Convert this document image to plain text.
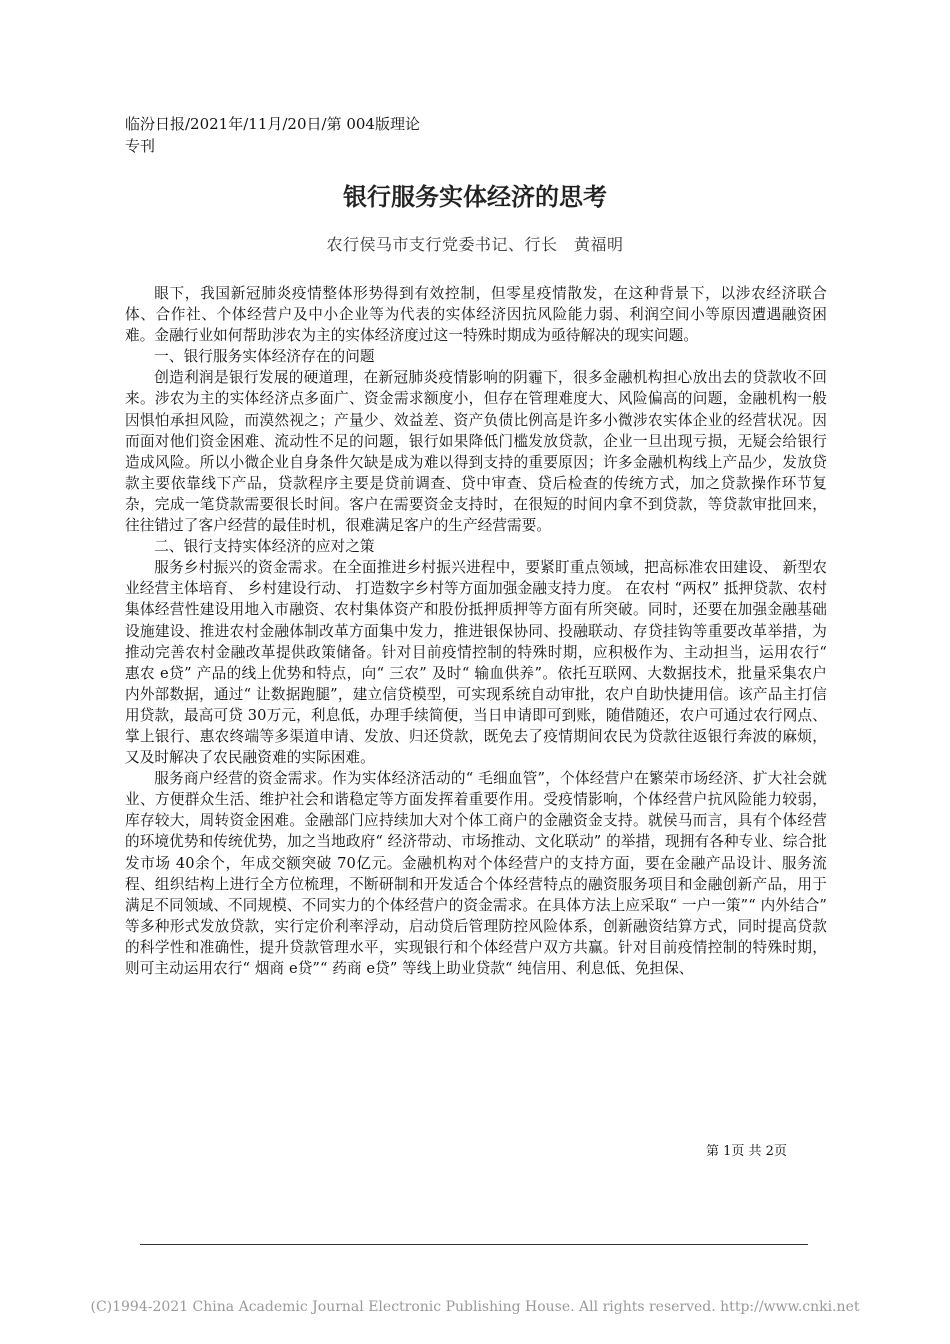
临汾日报/2021年/11月/20日/第 004版理论专刊
银行服务实体经济的思考
农行侯马市支行党委书记、行长　黄福明

眼下，我国新冠肺炎疫情整体形势得到有效控制，但零星疫情散发，在这种背景下，以涉农经济联合体、合作社、个体经营户及中小企业等为代表的实体经济因抗风险能力弱、利润空间小等原因遭遇融资困难。金融行业如何帮助涉农为主的实体经济度过这一特殊时期成为亟待解决的现实问题。

一、银行服务实体经济存在的问题

创造利润是银行发展的硬道理，在新冠肺炎疫情影响的阴霾下，很多金融机构担心放出去的贷款收不回来。涉农为主的实体经济点多面广、资金需求额度小，但存在管理难度大、风险偏高的问题，金融机构一般因惧怕承担风险，而漠然视之；产量少、效益差、资产负债比例高是许多小微涉农实体企业的经营状况。因而面对他们资金困难、流动性不足的问题，银行如果降低门槛发放贷款，企业一旦出现亏损，无疑会给银行造成风险。所以小微企业自身条件欠缺是成为难以得到支持的重要原因；许多金融机构线上产品少，发放贷款主要依靠线下产品，贷款程序主要是贷前调查、贷中审查、贷后检查的传统方式，加之贷款操作环节复杂，完成一笔贷款需要很长时间。客户在需要资金支持时，在很短的时间内拿不到贷款，等贷款审批回来，往往错过了客户经营的最佳时机，很难满足客户的生产经营需要。

二、银行支持实体经济的应对之策

服务乡村振兴的资金需求。在全面推进乡村振兴进程中，要紧盯重点领域，把高标准农田建设、 新型农业经营主体培育、 乡村建设行动、 打造数字乡村等方面加强金融支持力度。 在农村 “两权” 抵押贷款、农村集体经营性建设用地入市融资、农村集体资产和股份抵押质押等方面有所突破。同时，还要在加强金融基础设施建设、推进农村金融体制改革方面集中发力，推进银保协同、投融联动、存贷挂钩等重要改革举措，为推动完善农村金融改革提供政策储备。针对目前疫情控制的特殊时期，应积极作为、主动担当，运用农行“ 惠农 e贷” 产品的线上优势和特点，向“ 三农” 及时“ 输血供养”。依托互联网、大数据技术，批量采集农户内外部数据，通过“ 让数据跑腿”，建立信贷模型，可实现系统自动审批，农户自助快捷用信。该产品主打信用贷款，最高可贷 30万元，利息低，办理手续简便，当日申请即可到账，随借随还，农户可通过农行网点、掌上银行、惠农终端等多渠道申请、发放、归还贷款，既免去了疫情期间农民为贷款往返银行奔波的麻烦，又及时解决了农民融资难的实际困难。

服务商户经营的资金需求。作为实体经济活动的“ 毛细血管”，个体经营户在繁荣市场经济、扩大社会就业、方便群众生活、维护社会和谐稳定等方面发挥着重要作用。受疫情影响，个体经营户抗风险能力较弱，库存较大，周转资金困难。金融部门应持续加大对个体工商户的金融资金支持。就侯马而言，具有个体经营的环境优势和传统优势，加之当地政府“ 经济带动、市场推动、文化联动” 的举措，现拥有各种专业、综合批发市场 40余个，年成交额突破 70亿元。金融机构对个体经营户的支持方面，要在金融产品设计、服务流程、组织结构上进行全方位梳理，不断研制和开发适合个体经营特点的融资服务项目和金融创新产品，用于满足不同领域、不同规模、不同实力的个体经营户的资金需求。在具体方法上应采取“ 一户一策”“ 内外结合” 等多种形式发放贷款，实行定价利率浮动，启动贷后管理防控风险体系，创新融资结算方式，同时提高贷款的科学性和准确性，提升贷款管理水平，实现银行和个体经营户双方共赢。针对目前疫情控制的特殊时期，则可主动运用农行“ 烟商 e贷”“ 药商 e贷” 等线上助业贷款“ 纯信用、利息低、免担保、

第 1页 共 2页
(C)1994-2021 China Academic Journal Electronic Publishing House. All rights reserved. http://www.cnki.net
